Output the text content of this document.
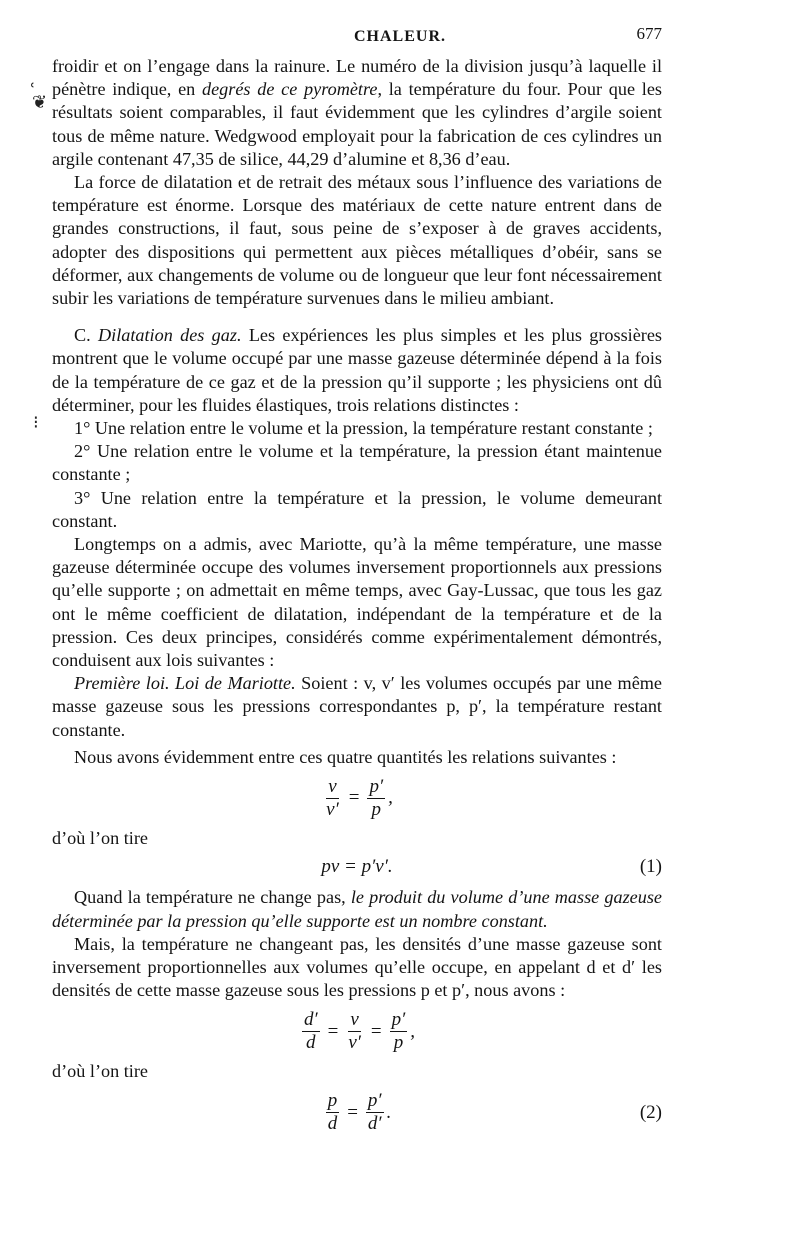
CHALEUR.	677
˓
❦
⁝

froidir et on l’engage dans la rainure. Le numéro de la division jusqu’à laquelle il pénètre indique, en degrés de ce pyromètre, la température du four. Pour que les résultats soient comparables, il faut évidemment que les cylindres d’argile soient tous de même nature. Wedgwood employait pour la fabrication de ces cylindres un argile contenant 47,35 de silice, 44,29 d’alumine et 8,36 d’eau.

La force de dilatation et de retrait des métaux sous l’influence des variations de température est énorme. Lorsque des matériaux de cette nature entrent dans de grandes constructions, il faut, sous peine de s’exposer à de graves accidents, adopter des dispositions qui permettent aux pièces métalliques d’obéir, sans se déformer, aux changements de volume ou de longueur que leur font nécessairement subir les variations de température survenues dans le milieu ambiant.

C. Dilatation des gaz. Les expériences les plus simples et les plus grossières montrent que le volume occupé par une masse gazeuse déterminée dépend à la fois de la température de ce gaz et de la pression qu’il supporte ; les physiciens ont dû déterminer, pour les fluides élastiques, trois relations distinctes :

1° Une relation entre le volume et la pression, la température restant constante ;

2° Une relation entre le volume et la température, la pression étant maintenue constante ;

3° Une relation entre la température et la pression, le volume demeurant constant.

Longtemps on a admis, avec Mariotte, qu’à la même température, une masse gazeuse déterminée occupe des volumes inversement proportionnels aux pressions qu’elle supporte ; on admettait en même temps, avec Gay-Lussac, que tous les gaz ont le même coefficient de dilatation, indépendant de la température et de la pression. Ces deux principes, considérés comme expérimentalement démontrés, conduisent aux lois suivantes :

Première loi. Loi de Mariotte. Soient : v, v′ les volumes occupés par une même masse gazeuse sous les pressions correspondantes p, p′, la température restant constante.

Nous avons évidemment entre ces quatre quantités les relations suivantes :

$\frac{v}{v'} = \frac{p'}{p}$ ,

d’où l’on tire

pv = p′v′.	(1)

Quand la température ne change pas, le produit du volume d’une masse gazeuse déterminée par la pression qu’elle supporte est un nombre constant.

Mais, la température ne changeant pas, les densités d’une masse gazeuse sont inversement proportionnelles aux volumes qu’elle occupe, en appelant d et d′ les densités de cette masse gazeuse sous les pressions p et p′, nous avons :

$\frac{d'}{d} = \frac{v}{v'} = \frac{p'}{p}$ ,

d’où l’on tire

$\frac{p}{d} = \frac{p'}{d'}$ .	(2)
